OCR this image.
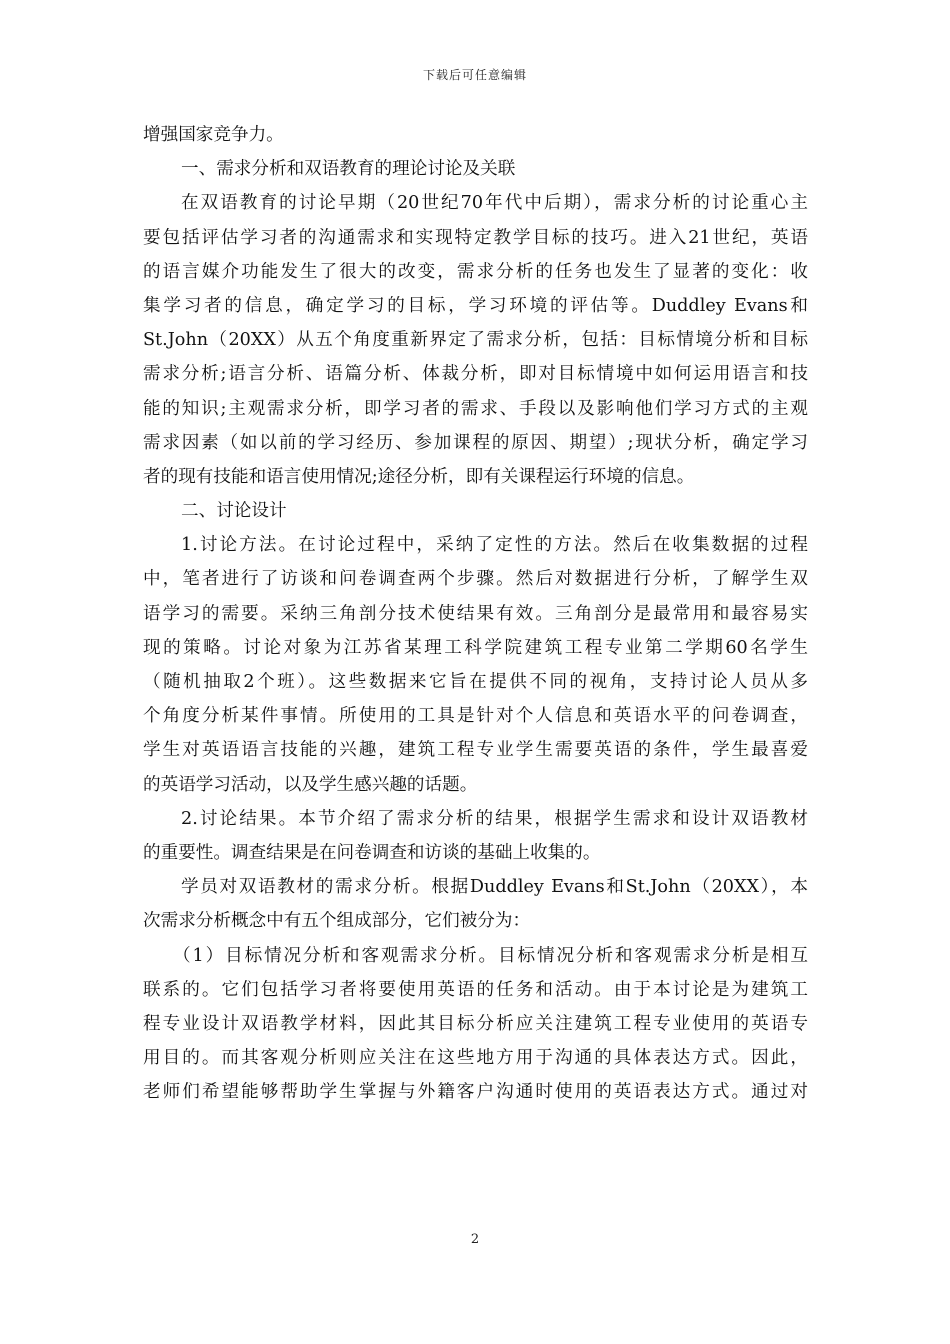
下载后可任意编辑
增强国家竞争力。
一、需求分析和双语教育的理论讨论及关联
在双语教育的讨论早期（20世纪70年代中后期），需求分析的讨论重心主
要包括评估学习者的沟通需求和实现特定教学目标的技巧。进入21世纪，英语
的语言媒介功能发生了很大的改变，需求分析的任务也发生了显著的变化：收
集学习者的信息，确定学习的目标，学习环境的评估等。Duddley Evans和
St.John（20XX）从五个角度重新界定了需求分析，包括：目标情境分析和目标
需求分析;语言分析、语篇分析、体裁分析，即对目标情境中如何运用语言和技
能的知识;主观需求分析，即学习者的需求、手段以及影响他们学习方式的主观
需求因素（如以前的学习经历、参加课程的原因、期望）;现状分析，确定学习
者的现有技能和语言使用情况;途径分析，即有关课程运行环境的信息。
二、讨论设计
1.讨论方法。在讨论过程中，采纳了定性的方法。然后在收集数据的过程
中，笔者进行了访谈和问卷调查两个步骤。然后对数据进行分析，了解学生双
语学习的需要。采纳三角剖分技术使结果有效。三角剖分是最常用和最容易实
现的策略。讨论对象为江苏省某理工科学院建筑工程专业第二学期60名学生
（随机抽取2个班）。这些数据来它旨在提供不同的视角，支持讨论人员从多
个角度分析某件事情。所使用的工具是针对个人信息和英语水平的问卷调查，
学生对英语语言技能的兴趣，建筑工程专业学生需要英语的条件，学生最喜爱
的英语学习活动，以及学生感兴趣的话题。
2.讨论结果。本节介绍了需求分析的结果，根据学生需求和设计双语教材
的重要性。调查结果是在问卷调查和访谈的基础上收集的。
学员对双语教材的需求分析。根据Duddley Evans和St.John（20XX），本
次需求分析概念中有五个组成部分，它们被分为：
（1）目标情况分析和客观需求分析。目标情况分析和客观需求分析是相互
联系的。它们包括学习者将要使用英语的任务和活动。由于本讨论是为建筑工
程专业设计双语教学材料，因此其目标分析应关注建筑工程专业使用的英语专
用目的。而其客观分析则应关注在这些地方用于沟通的具体表达方式。因此，
老师们希望能够帮助学生掌握与外籍客户沟通时使用的英语表达方式。通过对
2
